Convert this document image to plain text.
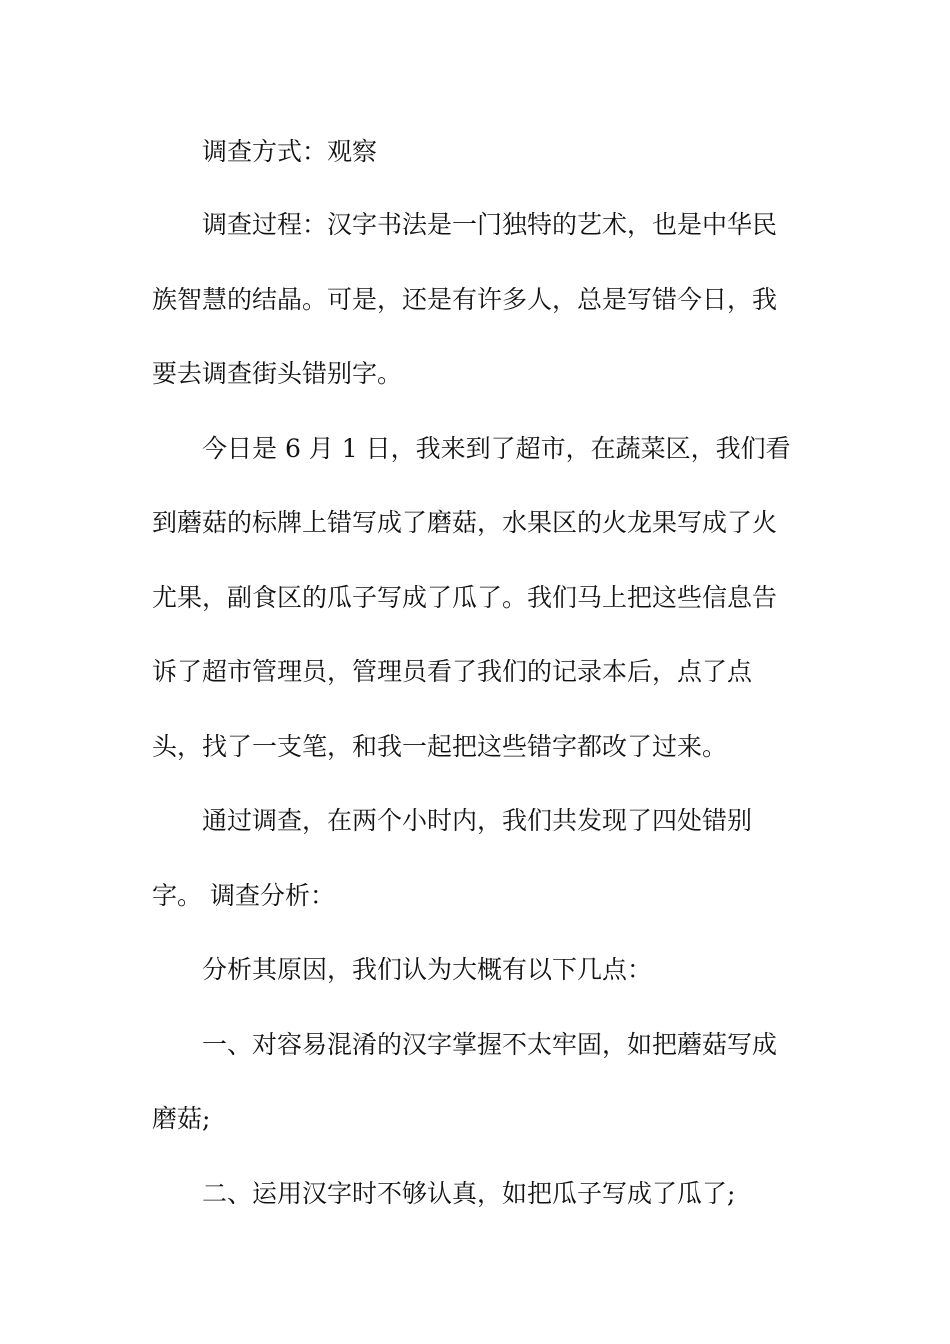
调查方式：观察
调查过程：汉字书法是一门独特的艺术，也是中华民
族智慧的结晶。可是，还是有许多人，总是写错今日，我
要去调查街头错别字。
今日是 6 月 1 日，我来到了超市，在蔬菜区，我们看
到蘑菇的标牌上错写成了磨菇，水果区的火龙果写成了火
尤果，副食区的瓜子写成了瓜了。我们马上把这些信息告
诉了超市管理员，管理员看了我们的记录本后，点了点
头，找了一支笔，和我一起把这些错字都改了过来。
通过调查，在两个小时内，我们共发现了四处错别
字。 调查分析：
分析其原因，我们认为大概有以下几点：
一、对容易混淆的汉字掌握不太牢固，如把蘑菇写成
磨菇;
二、运用汉字时不够认真，如把瓜子写成了瓜了;
